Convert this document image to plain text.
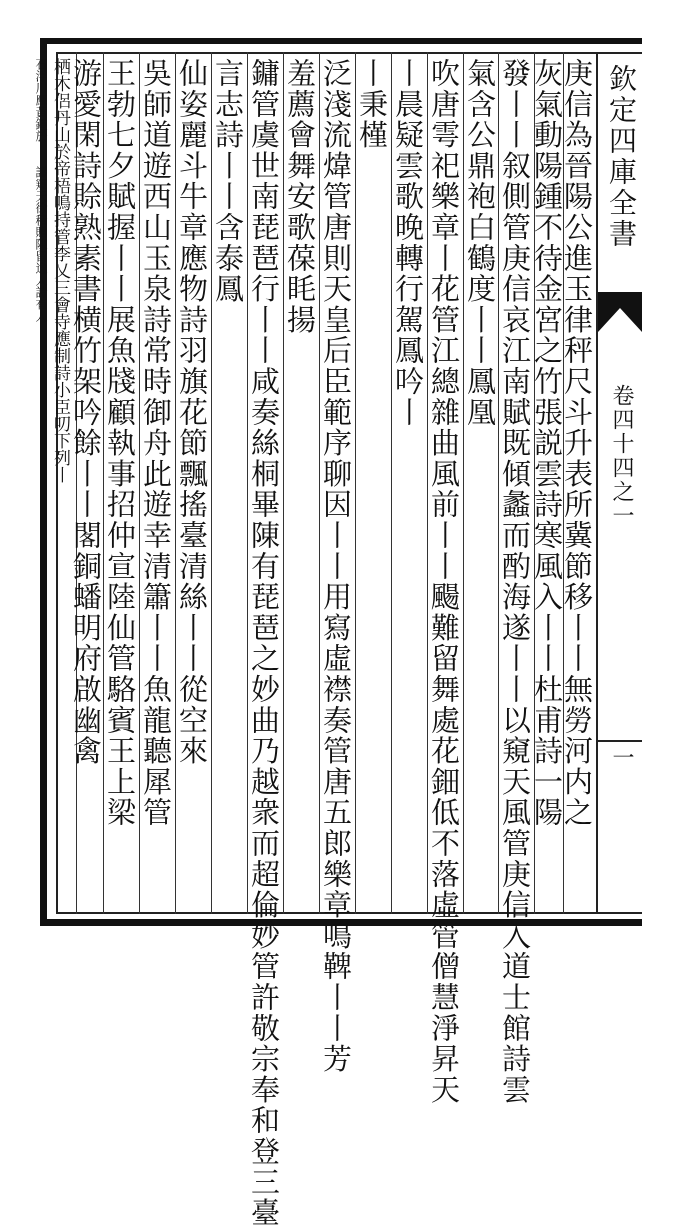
欽定四庫全書
卷四十四之一
一
庚信為晉陽公進玉律秤尺斗升表所冀節移丨丨無勞河内之
灰氣動陽鍾不待金宮之竹張説雲詩寒風入丨丨杜甫詩一陽
發丨丨叙側管庚信哀江南賦既傾蠡而酌海遂丨丨以窺天風管庚信入道士館詩雲
氣含公鼎袍白鶴度丨丨鳳凰
吹唐雩祀樂章丨花管江總雜曲風前丨丨颺難留舞處花鈿低不落虛管僧慧淨昇天
丨晨疑雲歌晚轉行駕鳳吟丨
丨秉槿
泛淺流煒管唐則天皇后臣範序聊因丨丨用寫虛襟奏管唐五郎樂章鳴鞞丨丨芳
羞薦會舞安歌葆眊揚
鏞管虞世南琵琶行丨丨咸奏絲桐畢陳有琵琶之妙曲乃越衆而超倫妙管許敬宗奉和登三臺
言志詩丨丨含泰鳳
仙姿麗斗牛章應物詩羽旗花節飄搖臺清絲丨丨從空來
吳師道遊西山玉泉詩常時御舟此遊幸清簫丨丨魚龍聽犀管
王勃七夕賦握丨丨展魚牋顧執事招仲宣陸仙管駱賓王上梁
游愛閑詩賒熟素書横竹架吟餘丨丨閣銅蟠明府啟幽禽
栖木侶丹山於帝梧鳴持管李乂三會寺應制詩小臣叨下列丨
石浮川應黃鍾於丨丨謬窺天徐積贈陳留逸人詩有人
